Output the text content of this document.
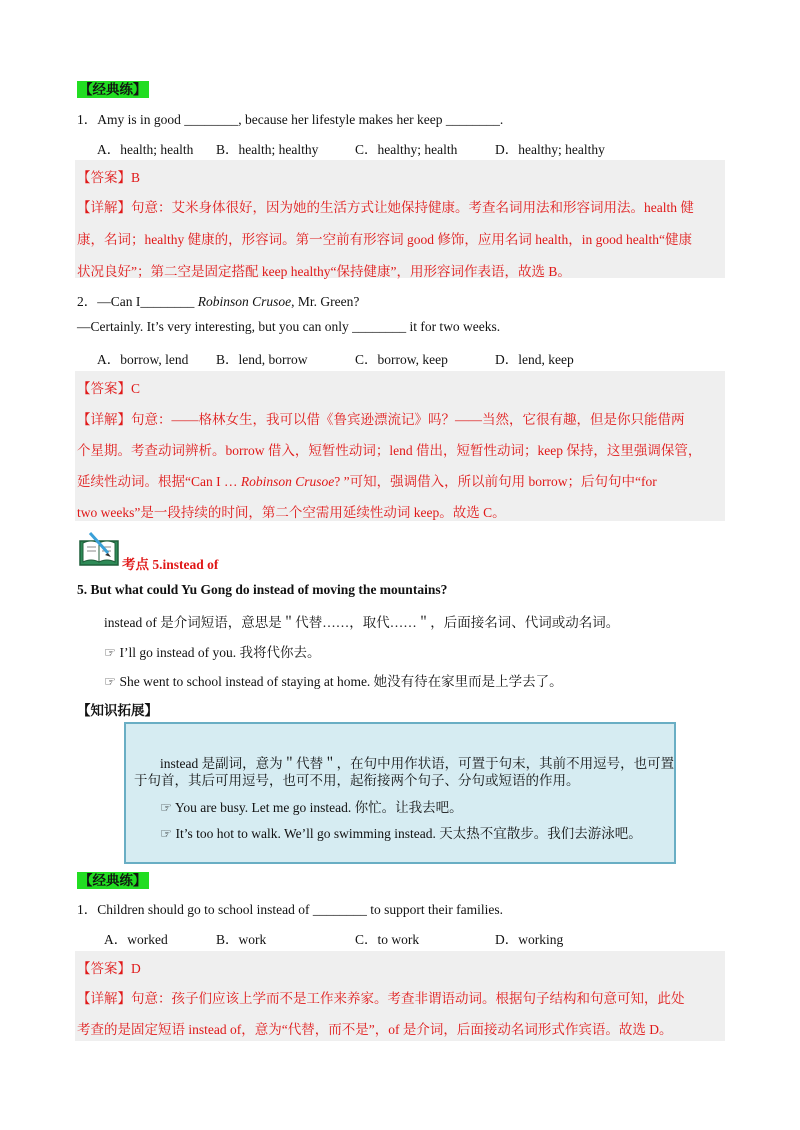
【经典练】
1．Amy is in good ________, because her lifestyle makes her keep ________.
A．health; health B．health; healthy	C．healthy; health	D．healthy; healthy
【答案】B
【详解】句意：艾米身体很好，因为她的生活方式让她保持健康。考查名词用法和形容词用法。health 健
康，名词；healthy 健康的，形容词。第一空前有形容词 good 修饰，应用名词 health，in good health“健康
状况良好”；第二空是固定搭配 keep healthy“保持健康”，用形容词作表语，故选 B。
2．—Can I________ Robinson Crusoe, Mr. Green?
—Certainly. It’s very interesting, but you can only ________ it for two weeks.
A．borrow, lend B．lend, borrow	C．borrow, keep	D．lend, keep
【答案】C
【详解】句意：——格林女生，我可以借《鲁宾逊漂流记》吗？——当然，它很有趣，但是你只能借两
个星期。考查动词辨析。borrow 借入，短暂性动词；lend 借出，短暂性动词；keep 保持，这里强调保管，
延续性动词。根据“Can I … Robinson Crusoe? ”可知，强调借入，所以前句用 borrow；后句句中“for
two weeks”是一段持续的时间，第二个空需用延续性动词 keep。故选 C。
考点 5.instead of
5. But what could Yu Gong do instead of moving the mountains?
instead of 是介词短语，意思是＂代替……，取代……＂，后面接名词、代词或动名词。
☞ I’ll go instead of you. 我将代你去。
☞ She went to school instead of staying at home. 她没有待在家里而是上学去了。
【知识拓展】
instead 是副词，意为＂代替＂，在句中用作状语，可置于句末，其前不用逗号，也可置
于句首，其后可用逗号，也可不用，起衔接两个句子、分句或短语的作用。
☞ You are busy. Let me go instead. 你忙。让我去吧。
☞ It’s too hot to walk. We’ll go swimming instead. 天太热不宜散步。我们去游泳吧。
【经典练】
1．Children should go to school instead of ________ to support their families.
A．worked	B．work	C．to work	D．working
【答案】D
【详解】句意：孩子们应该上学而不是工作来养家。考查非谓语动词。根据句子结构和句意可知，此处
考查的是固定短语 instead of，意为“代替，而不是”，of 是介词，后面接动名词形式作宾语。故选 D。
